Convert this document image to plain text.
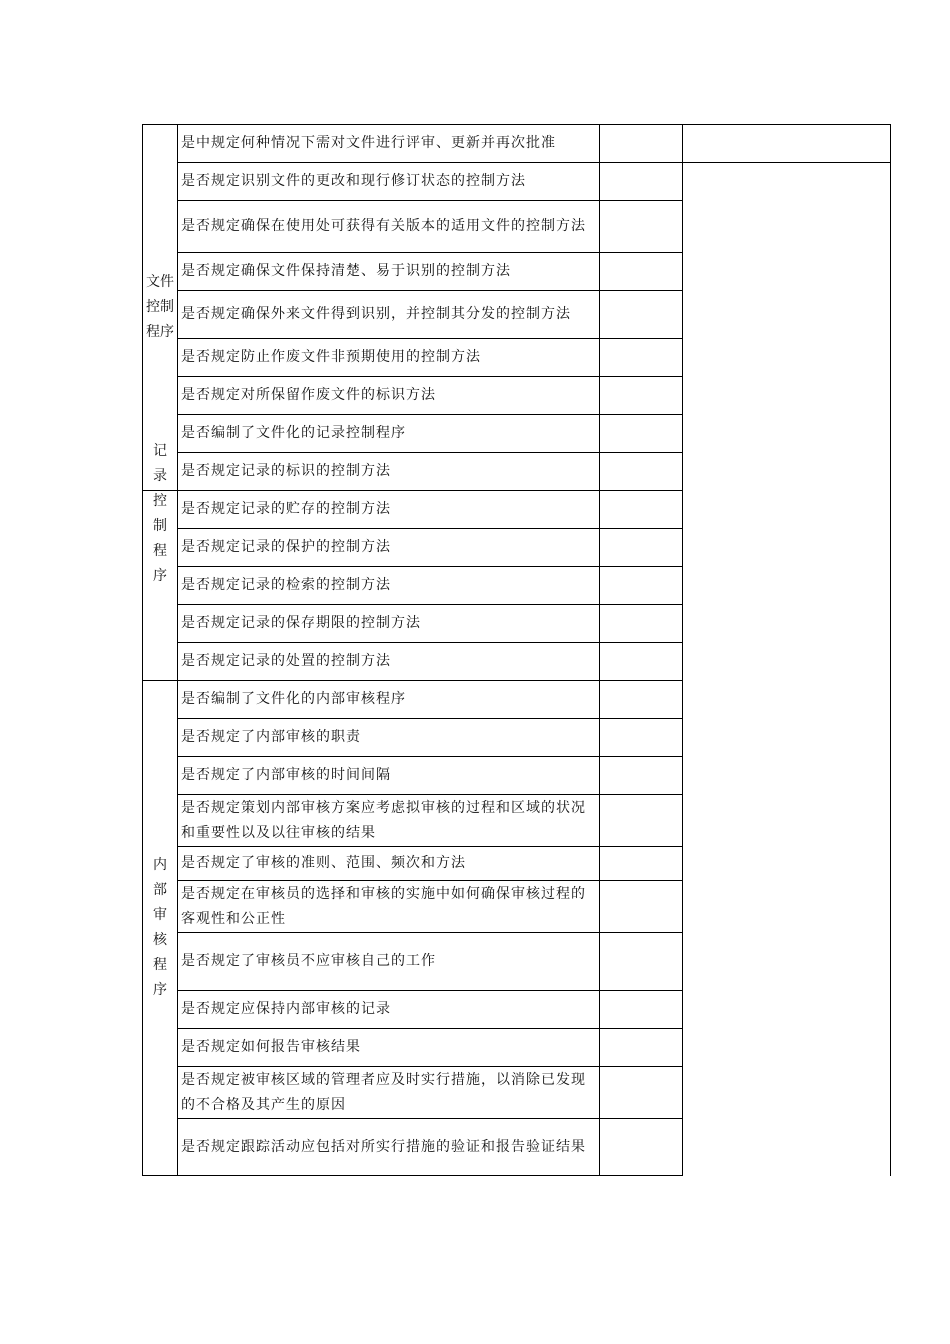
文件控制程序	是中规定何种情况下需对文件进行评审、更新并再次批准		
	是否规定识别文件的更改和现行修订状态的控制方法		
	是否规定确保在使用处可获得有关版本的适用文件的控制方法		
	是否规定确保文件保持清楚、易于识别的控制方法		
	是否规定确保外来文件得到识别，并控制其分发的控制方法		
	是否规定防止作废文件非预期使用的控制方法		
	是否规定对所保留作废文件的标识方法		
	是否编制了文件化的记录控制程序		
	是否规定记录的标识的控制方法		
记录控制程序	是否规定记录的贮存的控制方法		
	是否规定记录的保护的控制方法		
	是否规定记录的检索的控制方法		
	是否规定记录的保存期限的控制方法		
	是否规定记录的处置的控制方法		
内部审核程序	是否编制了文件化的内部审核程序		
	是否规定了内部审核的职责		
	是否规定了内部审核的时间间隔		
	是否规定策划内部审核方案应考虑拟审核的过程和区域的状况和重要性以及以往审核的结果		
	是否规定了审核的准则、范围、频次和方法		
	是否规定在审核员的选择和审核的实施中如何确保审核过程的客观性和公正性		
	是否规定了审核员不应审核自己的工作		
	是否规定应保持内部审核的记录		
	是否规定如何报告审核结果		
	是否规定被审核区域的管理者应及时实行措施，以消除已发现的不合格及其产生的原因		
	是否规定跟踪活动应包括对所实行措施的验证和报告验证结果		
